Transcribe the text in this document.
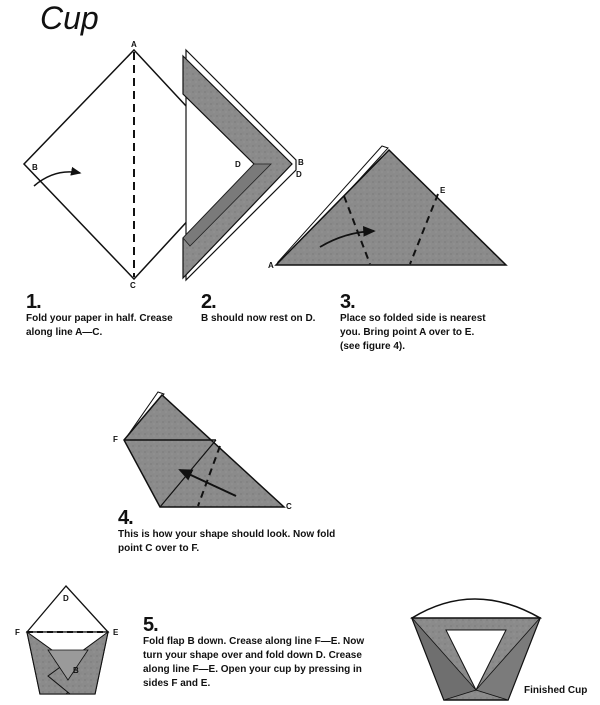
Cup
A
B
C
D	B
D
A
E
F
C
D
F	E
B
1.
Fold your paper in half. Crease
along line A—C.
2.
B should now rest on D.
3.
Place so folded side is nearest
you. Bring point A over to E.
(see figure 4).
4.
This is how your shape should look. Now fold
point C over to F.
5.
Fold flap B down. Crease along line F—E. Now
turn your shape over and fold down D. Crease
along line F—E. Open your cup by pressing in
sides F and E.
Finished Cup
